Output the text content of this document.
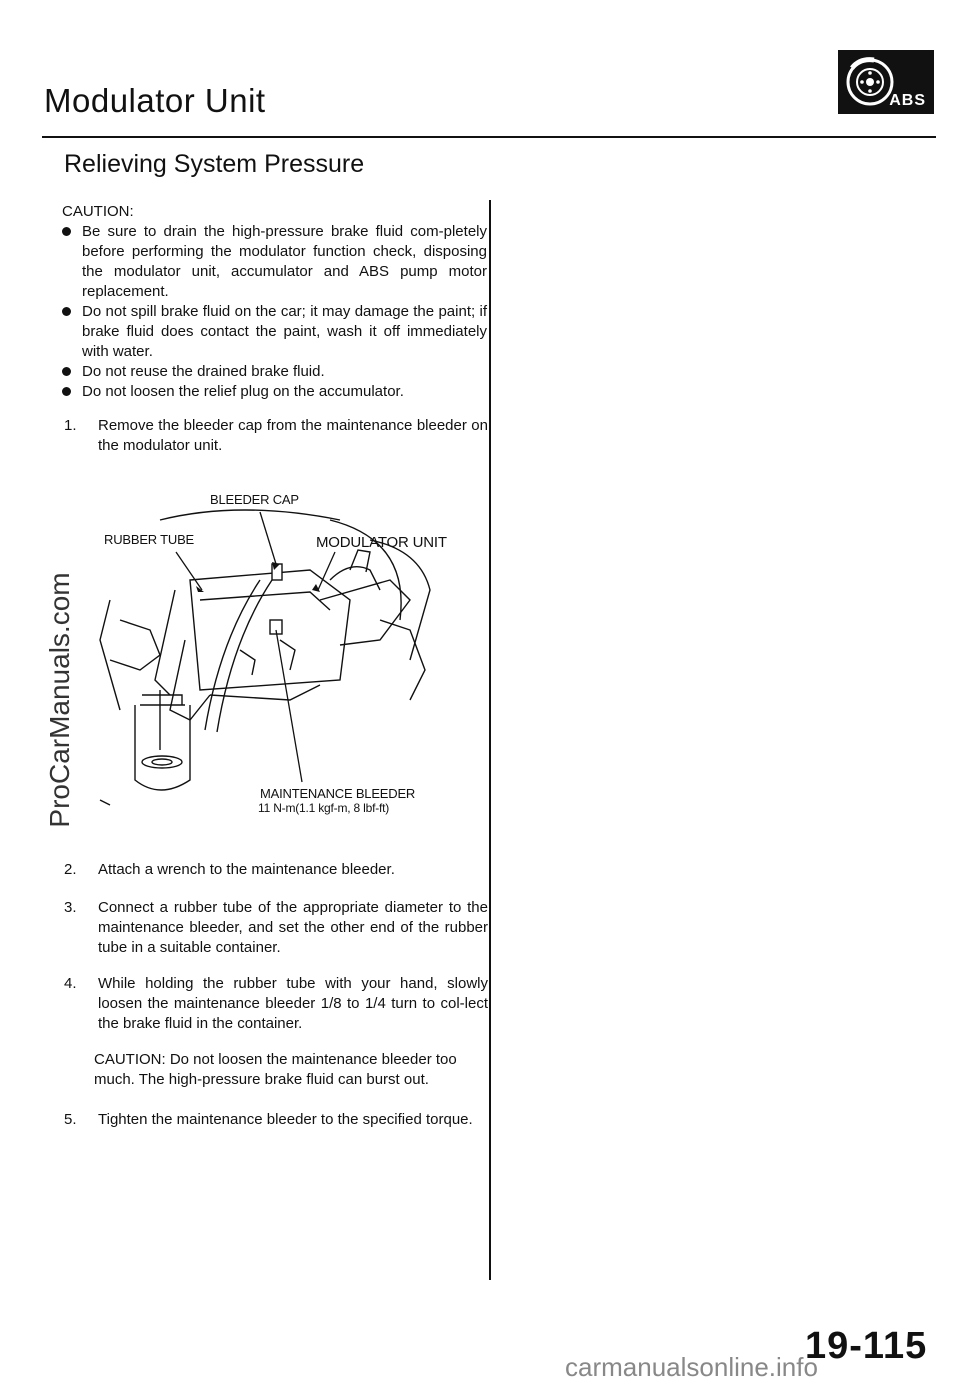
Modulator Unit	ABS
Relieving System Pressure
CAUTION:
Be sure to drain the high-pressure brake fluid com-pletely before performing the modulator function check, disposing the modulator unit, accumulator and ABS pump motor replacement.
Do not spill brake fluid on the car; it may damage the paint; if brake fluid does contact the paint, wash it off immediately with water.
Do not reuse the drained brake fluid.
Do not loosen the relief plug on the accumulator.
1. Remove the bleeder cap from the maintenance bleeder on the modulator unit.
BLEEDER CAP
RUBBER TUBE	MODULATOR UNIT
MAINTENANCE BLEEDER
11 N-m(1.1 kgf-m, 8 lbf-ft)
ProCarManuals.com
2. Attach a wrench to the maintenance bleeder.
3. Connect a rubber tube of the appropriate diameter to the maintenance bleeder, and set the other end of the rubber tube in a suitable container.
4. While holding the rubber tube with your hand, slowly loosen the maintenance bleeder 1/8 to 1/4 turn to col-lect the brake fluid in the container.
CAUTION: Do not loosen the maintenance bleeder too much. The high-pressure brake fluid can burst out.
5. Tighten the maintenance bleeder to the specified torque.
19-115
carmanualsonline.info
